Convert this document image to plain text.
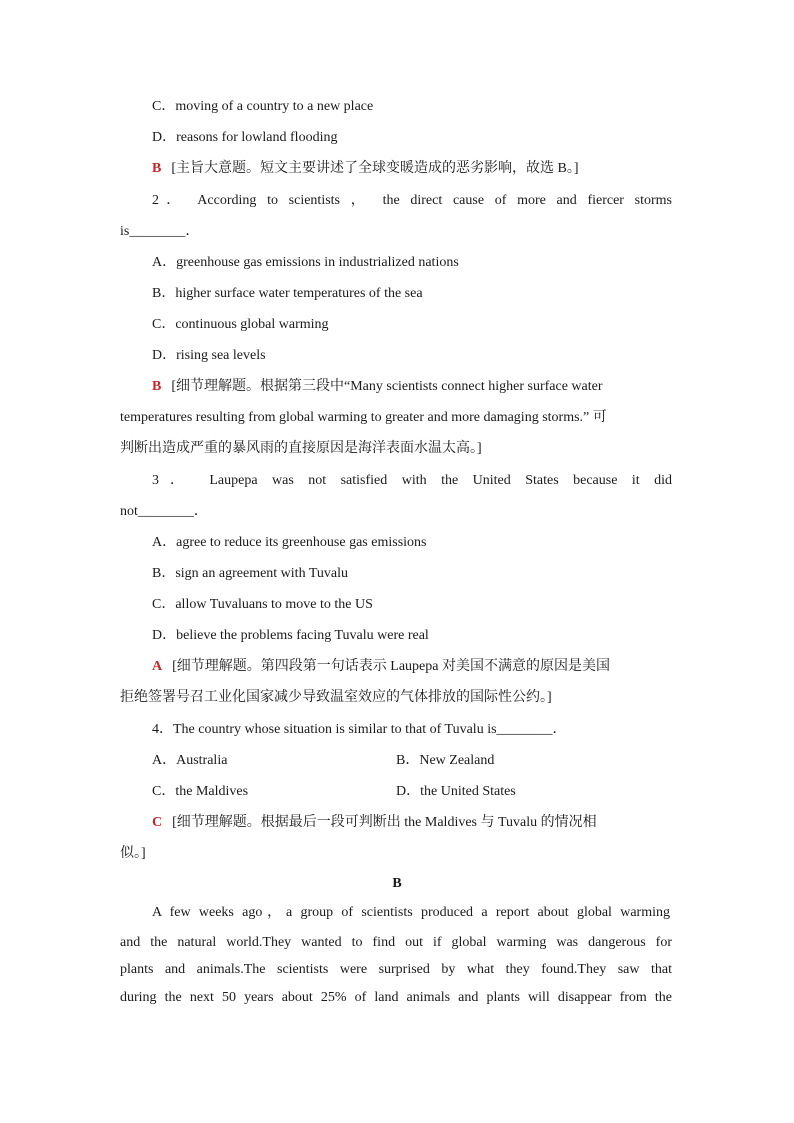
C．moving of a country to a new place
D．reasons for lowland flooding
B [主旨大意题。短文主要讲述了全球变暖造成的恶劣影响，故选 B。]
2． According to scientists ， the direct cause of more and fiercer storms
is________．
A．greenhouse gas emissions in industrialized nations
B．higher surface water temperatures of the sea
C．continuous global warming
D．rising sea levels
B [细节理解题。根据第三段中“Many scientists connect higher surface water
temperatures resulting from global warming to greater and more damaging storms.” 可
判断出造成严重的暴风雨的直接原因是海洋表面水温太高。]
3． Laupepa was not satisfied with the United States because it did
not________．
A．agree to reduce its greenhouse gas emissions
B．sign an agreement with Tuvalu
C．allow Tuvaluans to move to the US
D．believe the problems facing Tuvalu were real
A [细节理解题。第四段第一句话表示 Laupepa 对美国不满意的原因是美国
拒绝签署号召工业化国家减少导致温室效应的气体排放的国际性公约。]
4．The country whose situation is similar to that of Tuvalu is________．
A．Australia	B．New Zealand
C．the Maldives	D．the United States
C [细节理解题。根据最后一段可判断出 the Maldives 与 Tuvalu 的情况相
似。]
B
A few weeks ago，a group of scientists produced a report about global warming
and the natural world.They wanted to find out if global warming was dangerous for
plants and animals.The scientists were surprised by what they found.They saw that
during the next 50 years about 25% of land animals and plants will disappear from the
